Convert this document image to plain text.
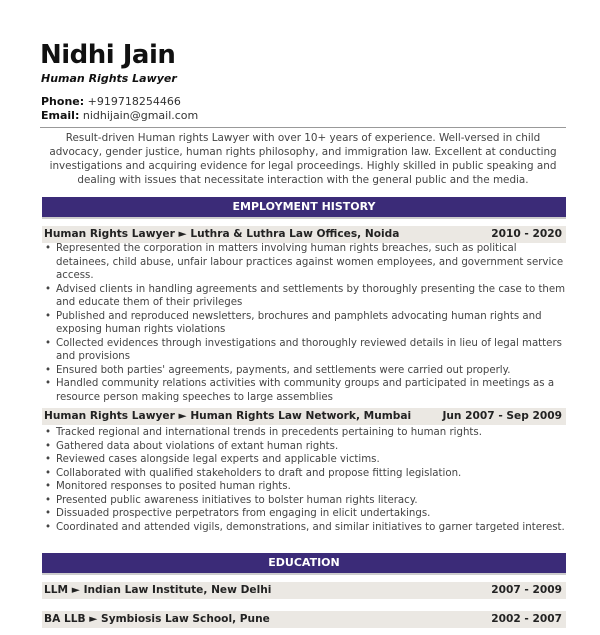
Nidhi Jain
Human Rights Lawyer
Phone: +919718254466
Email: nidhijain@gmail.com
Result-driven Human rights Lawyer with over 10+ years of experience. Well-versed in child advocacy, gender justice, human rights philosophy, and immigration law. Excellent at conducting investigations and acquiring evidence for legal proceedings. Highly skilled in public speaking and dealing with issues that necessitate interaction with the general public and the media.
EMPLOYMENT HISTORY
Human Rights Lawyer ► Luthra & Luthra Law Offices, Noida	2010 - 2020
• Represented the corporation in matters involving human rights breaches, such as political detainees, child abuse, unfair labour practices against women employees, and government service access.
• Advised clients in handling agreements and settlements by thoroughly presenting the case to them and educate them of their privileges
• Published and reproduced newsletters, brochures and pamphlets advocating human rights and exposing human rights violations
• Collected evidences through investigations and thoroughly reviewed details in lieu of legal matters and provisions
• Ensured both parties' agreements, payments, and settlements were carried out properly.
• Handled community relations activities with community groups and participated in meetings as a resource person making speeches to large assemblies
Human Rights Lawyer ► Human Rights Law Network, Mumbai	Jun 2007 - Sep 2009
• Tracked regional and international trends in precedents pertaining to human rights.
• Gathered data about violations of extant human rights.
• Reviewed cases alongside legal experts and applicable victims.
• Collaborated with qualified stakeholders to draft and propose fitting legislation.
• Monitored responses to posited human rights.
• Presented public awareness initiatives to bolster human rights literacy.
• Dissuaded prospective perpetrators from engaging in elicit undertakings.
• Coordinated and attended vigils, demonstrations, and similar initiatives to garner targeted interest.
EDUCATION
LLM ► Indian Law Institute, New Delhi	2007 - 2009
BA LLB ► Symbiosis Law School, Pune	2002 - 2007
